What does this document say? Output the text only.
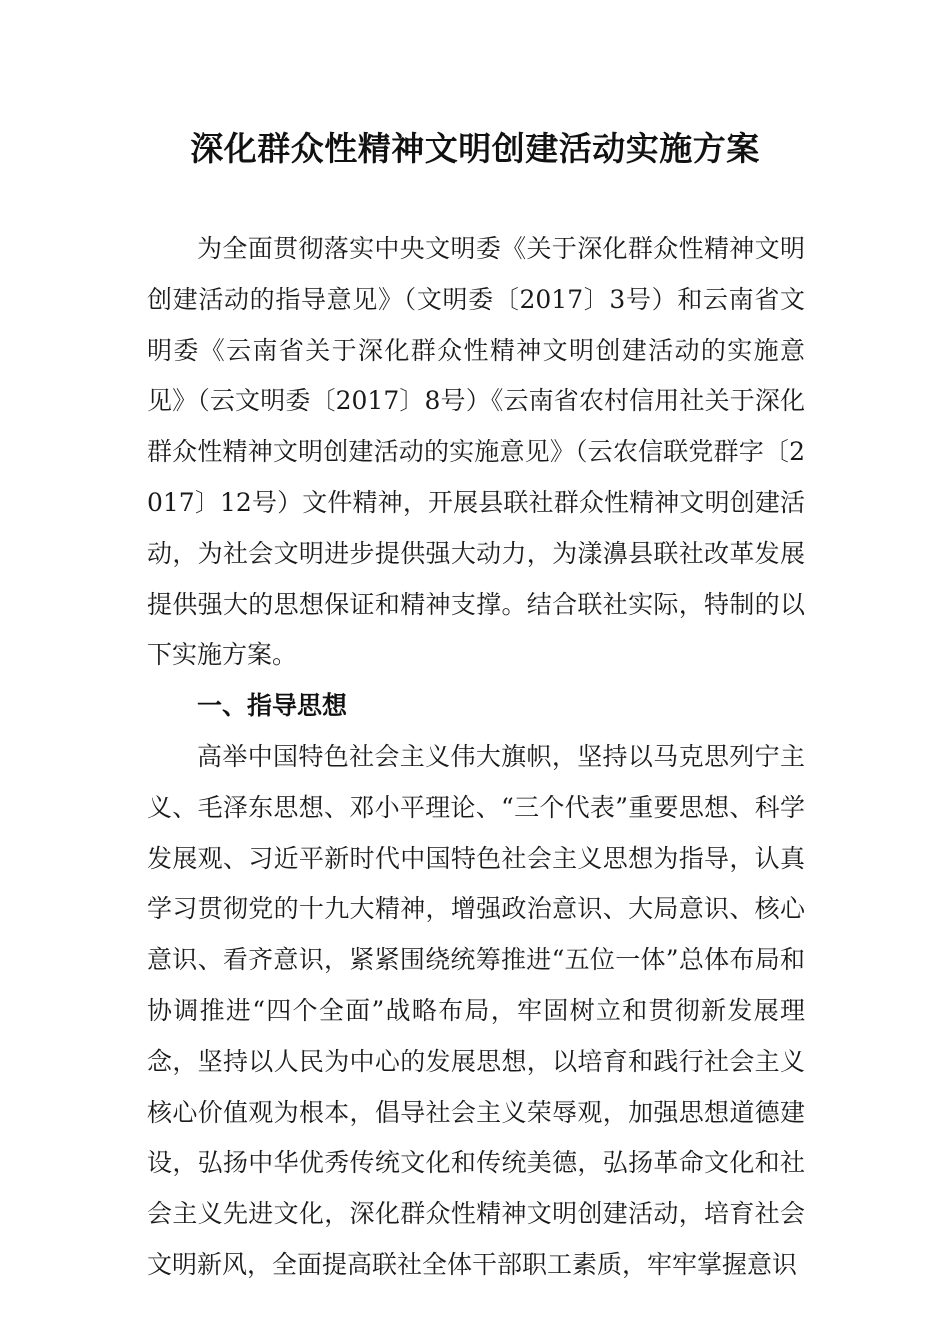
深化群众性精神文明创建活动实施方案

为全面贯彻落实中央文明委《关于深化群众性精神文明创建活动的指导意见》（文明委〔2017〕3号）和云南省文明委《云南省关于深化群众性精神文明创建活动的实施意见》（云文明委〔2017〕8号）《云南省农村信用社关于深化群众性精神文明创建活动的实施意见》（云农信联党群字〔2017〕12号）文件精神，开展县联社群众性精神文明创建活动，为社会文明进步提供强大动力，为漾濞县联社改革发展提供强大的思想保证和精神支撑。结合联社实际，特制的以下实施方案。

一、指导思想

高举中国特色社会主义伟大旗帜，坚持以马克思列宁主义、毛泽东思想、邓小平理论、“三个代表”重要思想、科学发展观、习近平新时代中国特色社会主义思想为指导，认真学习贯彻党的十九大精神，增强政治意识、大局意识、核心意识、看齐意识，紧紧围绕统筹推进“五位一体”总体布局和协调推进“四个全面”战略布局，牢固树立和贯彻新发展理念，坚持以人民为中心的发展思想，以培育和践行社会主义核心价值观为根本，倡导社会主义荣辱观，加强思想道德建设，弘扬中华优秀传统文化和传统美德，弘扬革命文化和社会主义先进文化，深化群众性精神文明创建活动，培育社会文明新风，全面提高联社全体干部职工素质，牢牢掌握意识
